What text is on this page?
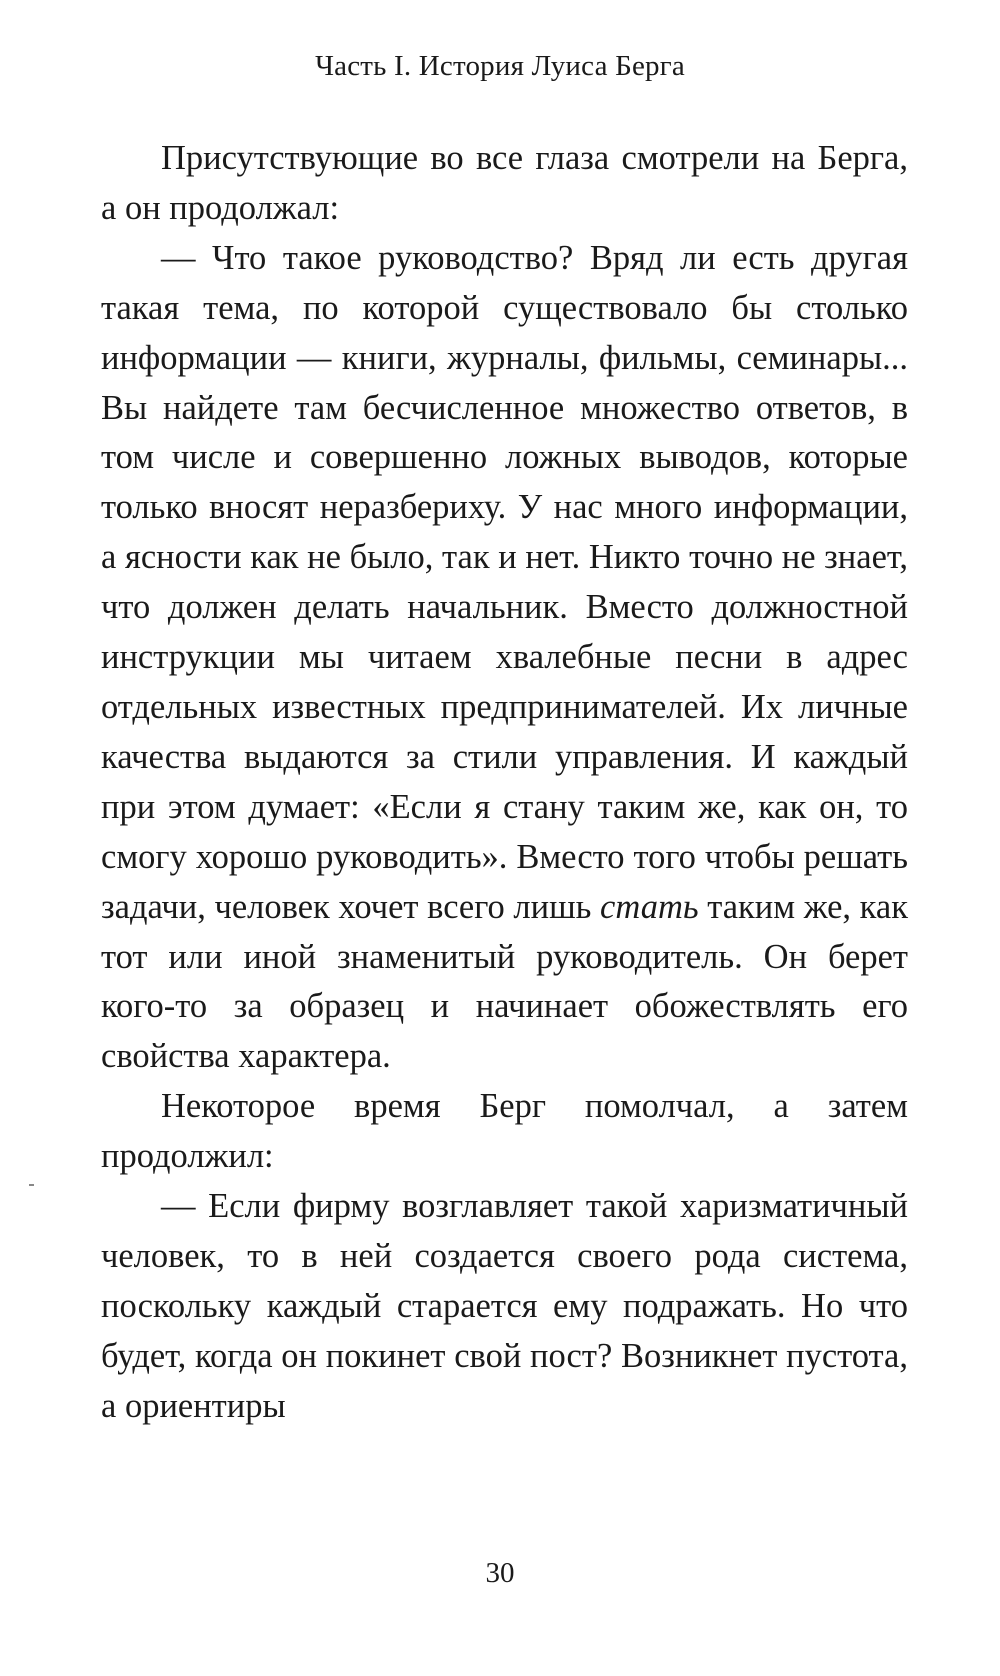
Часть I. История Луиса Берга

Присутствующие во все глаза смотрели на Берга, а он продолжал:

— Что такое руководство? Вряд ли есть другая такая тема, по которой существовало бы столько информации — книги, журналы, фильмы, семинары... Вы найдете там бесчисленное множество ответов, в том числе и совершенно ложных выводов, которые только вносят неразбериху. У нас много информации, а ясности как не было, так и нет. Никто точно не знает, что должен делать начальник. Вместо должностной инструкции мы читаем хвалебные песни в адрес отдельных известных предпринимателей. Их личные качества выдаются за стили управления. И каждый при этом думает: «Если я стану таким же, как он, то смогу хорошо руководить». Вместо того чтобы решать задачи, человек хочет всего лишь стать таким же, как тот или иной знаменитый руководитель. Он берет кого-то за образец и начинает обожествлять его свойства характера.

Некоторое время Берг помолчал, а затем продолжил:

— Если фирму возглавляет такой харизматичный человек, то в ней создается своего рода система, поскольку каждый старается ему подражать. Но что будет, когда он покинет свой пост? Возникнет пустота, а ориентиры

30
